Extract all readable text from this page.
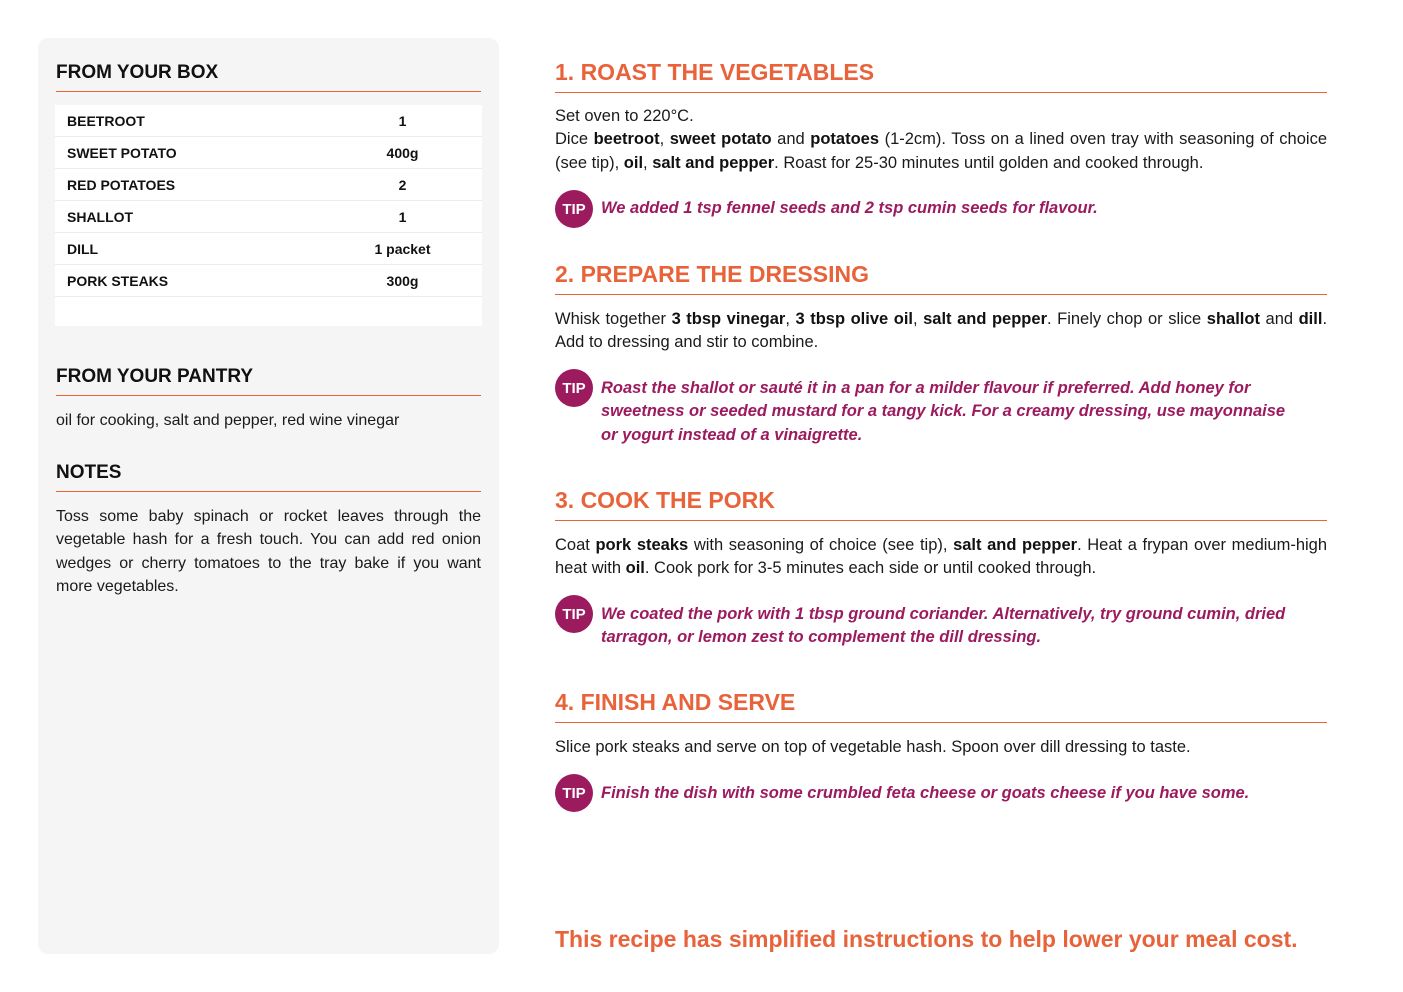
FROM YOUR BOX
BEETROOT	1
SWEET POTATO	400g
RED POTATOES	2
SHALLOT	1
DILL	1 packet
PORK STEAKS	300g
FROM YOUR PANTRY
oil for cooking, salt and pepper, red wine vinegar
NOTES
Toss some baby spinach or rocket leaves through the vegetable hash for a fresh touch. You can add red onion wedges or cherry tomatoes to the tray bake if you want more vegetables.
1. ROAST THE VEGETABLES
Set oven to 220°C.
Dice beetroot, sweet potato and potatoes (1-2cm). Toss on a lined oven tray with seasoning of choice (see tip), oil, salt and pepper. Roast for 25-30 minutes until golden and cooked through.
TIP We added 1 tsp fennel seeds and 2 tsp cumin seeds for flavour.
2. PREPARE THE DRESSING
Whisk together 3 tbsp vinegar, 3 tbsp olive oil, salt and pepper. Finely chop or slice shallot and dill. Add to dressing and stir to combine.
TIP Roast the shallot or sauté it in a pan for a milder flavour if preferred. Add honey for sweetness or seeded mustard for a tangy kick. For a creamy dressing, use mayonnaise or yogurt instead of a vinaigrette.
3. COOK THE PORK
Coat pork steaks with seasoning of choice (see tip), salt and pepper. Heat a frypan over medium-high heat with oil. Cook pork for 3-5 minutes each side or until cooked through.
TIP We coated the pork with 1 tbsp ground coriander. Alternatively, try ground cumin, dried tarragon, or lemon zest to complement the dill dressing.
4. FINISH AND SERVE
Slice pork steaks and serve on top of vegetable hash. Spoon over dill dressing to taste.
TIP Finish the dish with some crumbled feta cheese or goats cheese if you have some.
This recipe has simplified instructions to help lower your meal cost.
